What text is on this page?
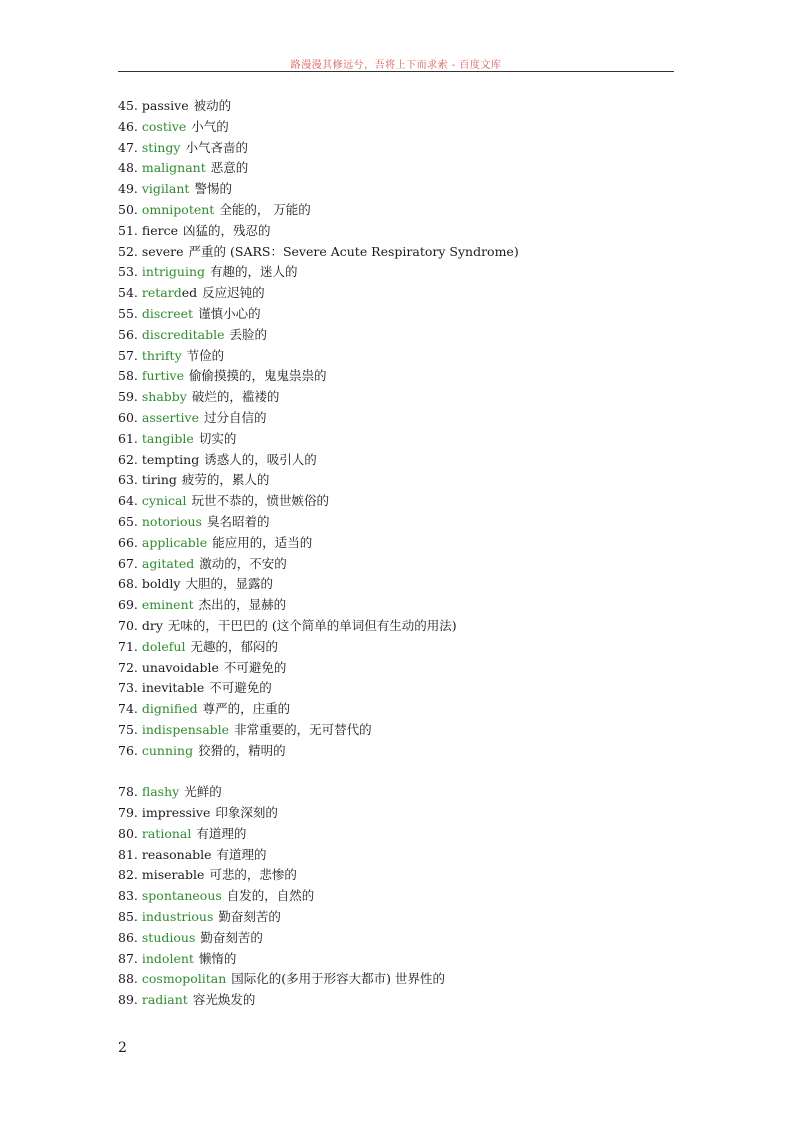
路漫漫其修远兮，吾将上下而求索 - 百度文库
45. passive 被动的
46. costive 小气的
47. stingy 小气吝啬的
48. malignant 恶意的
49. vigilant 警惕的
50. omnipotent 全能的， 万能的
51. fierce 凶猛的，残忍的
52. severe 严重的 (SARS：Severe Acute Respiratory Syndrome)
53. intriguing 有趣的，迷人的
54. retarded 反应迟钝的
55. discreet 谨慎小心的
56. discreditable 丢脸的
57. thrifty 节俭的
58. furtive 偷偷摸摸的，鬼鬼祟祟的
59. shabby 破烂的，褴褛的
60. assertive 过分自信的
61. tangible 切实的
62. tempting 诱惑人的，吸引人的
63. tiring 疲劳的，累人的
64. cynical 玩世不恭的，愤世嫉俗的
65. notorious 臭名昭着的
66. applicable 能应用的，适当的
67. agitated 激动的，不安的
68. boldly 大胆的，显露的
69. eminent 杰出的，显赫的
70. dry 无味的，干巴巴的 (这个简单的单词但有生动的用法)
71. doleful 无趣的，郁闷的
72. unavoidable 不可避免的
73. inevitable 不可避免的
74. dignified 尊严的，庄重的
75. indispensable 非常重要的，无可替代的
76. cunning 狡猾的，精明的
78. flashy 光鲜的
79. impressive 印象深刻的
80. rational 有道理的
81. reasonable 有道理的
82. miserable 可悲的，悲惨的
83. spontaneous 自发的，自然的
85. industrious 勤奋刻苦的
86. studious 勤奋刻苦的
87. indolent 懒惰的
88. cosmopolitan 国际化的(多用于形容大都市) 世界性的
89. radiant 容光焕发的
2
